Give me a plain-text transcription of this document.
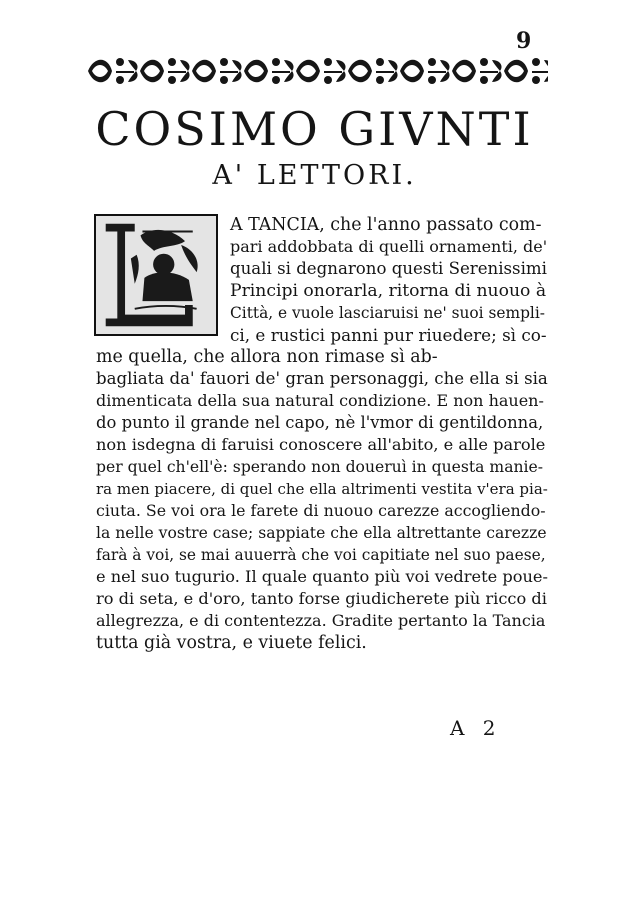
9
COSIMO GIVNTI
A' LETTORI.
A TANCIA, che l'anno passato com-
pari addobbata di quelli ornamenti, de'
quali si degnarono questi Serenissimi
Principi onorarla, ritorna di nuouo à
Città, e vuole lasciaruisi ne' suoi sempli-
ci, e rustici panni pur riuedere; sì co-
me quella, che allora non rimase sì ab-
bagliata da' fauori de' gran personaggi, che ella si sia
dimenticata della sua natural condizione. E non hauen-
do punto il grande nel capo, nè l'vmor di gentildonna,
non isdegna di faruisi conoscere all'abito, e alle parole
per quel ch'ell'è: sperando non doueruì in questa manie-
ra men piacere, di quel che ella altrimenti vestita v'era pia-
ciuta. Se voi ora le farete di nuouo carezze accogliendo-
la nelle vostre case; sappiate che ella altrettante carezze
farà à voi, se mai auuerrà che voi capitiate nel suo paese,
e nel suo tugurio. Il quale quanto più voi vedrete poue-
ro di seta, e d'oro, tanto forse giudicherete più ricco di
allegrezza, e di contentezza. Gradite pertanto la Tancia
tutta già vostra, e viuete felici.
A 2
